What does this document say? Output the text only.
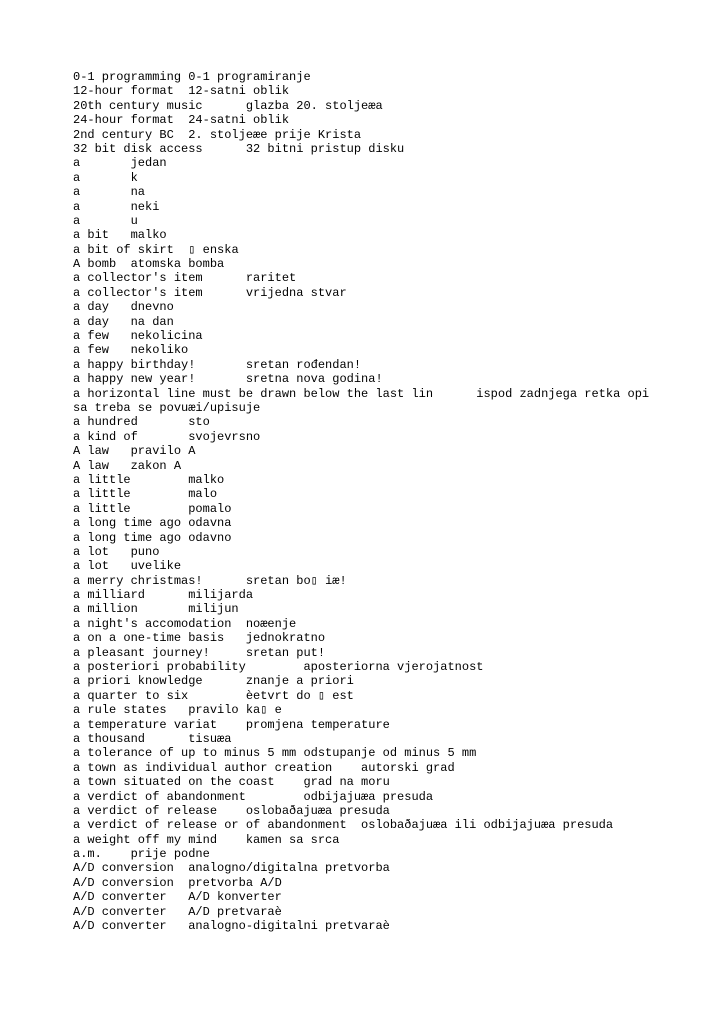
0-1 programming 0-1 programiranje
12-hour format  12-satni oblik
20th century music      glazba 20. stoljeæa
24-hour format  24-satni oblik
2nd century BC  2. stoljeæe prije Krista
32 bit disk access      32 bitni pristup disku
a       jedan
a       k
a       na
a       neki
a       u
a bit   malko
a bit of skirt  ▯ enska
A bomb  atomska bomba
a collector's item      raritet
a collector's item      vrijedna stvar
a day   dnevno
a day   na dan
a few   nekolicina
a few   nekoliko
a happy birthday!       sretan rođendan!
a happy new year!       sretna nova godina!
a horizontal line must be drawn below the last lin      ispod zadnjega retka opi
sa treba se povuæi/upisuje
a hundred       sto
a kind of       svojevrsno
A law   pravilo A
A law   zakon A
a little        malko
a little        malo
a little        pomalo
a long time ago odavna
a long time ago odavno
a lot   puno
a lot   uvelike
a merry christmas!      sretan bo▯ iæ!
a milliard      milijarda
a million       milijun
a night's accomodation  noæenje
a on a one-time basis   jednokratno
a pleasant journey!     sretan put!
a posteriori probability        aposteriorna vjerojatnost
a priori knowledge      znanje a priori
a quarter to six        èetvrt do ▯ est
a rule states   pravilo ka▯ e
a temperature variat    promjena temperature
a thousand      tisuæa
a tolerance of up to minus 5 mm odstupanje od minus 5 mm
a town as individual author creation    autorski grad
a town situated on the coast    grad na moru
a verdict of abandonment        odbijajuæa presuda
a verdict of release    oslobaðajuæa presuda
a verdict of release or of abandonment  oslobaðajuæa ili odbijajuæa presuda
a weight off my mind    kamen sa srca
a.m.    prije podne
A/D conversion  analogno/digitalna pretvorba
A/D conversion  pretvorba A/D
A/D converter   A/D konverter
A/D converter   A/D pretvaraè
A/D converter   analogno-digitalni pretvaraè
